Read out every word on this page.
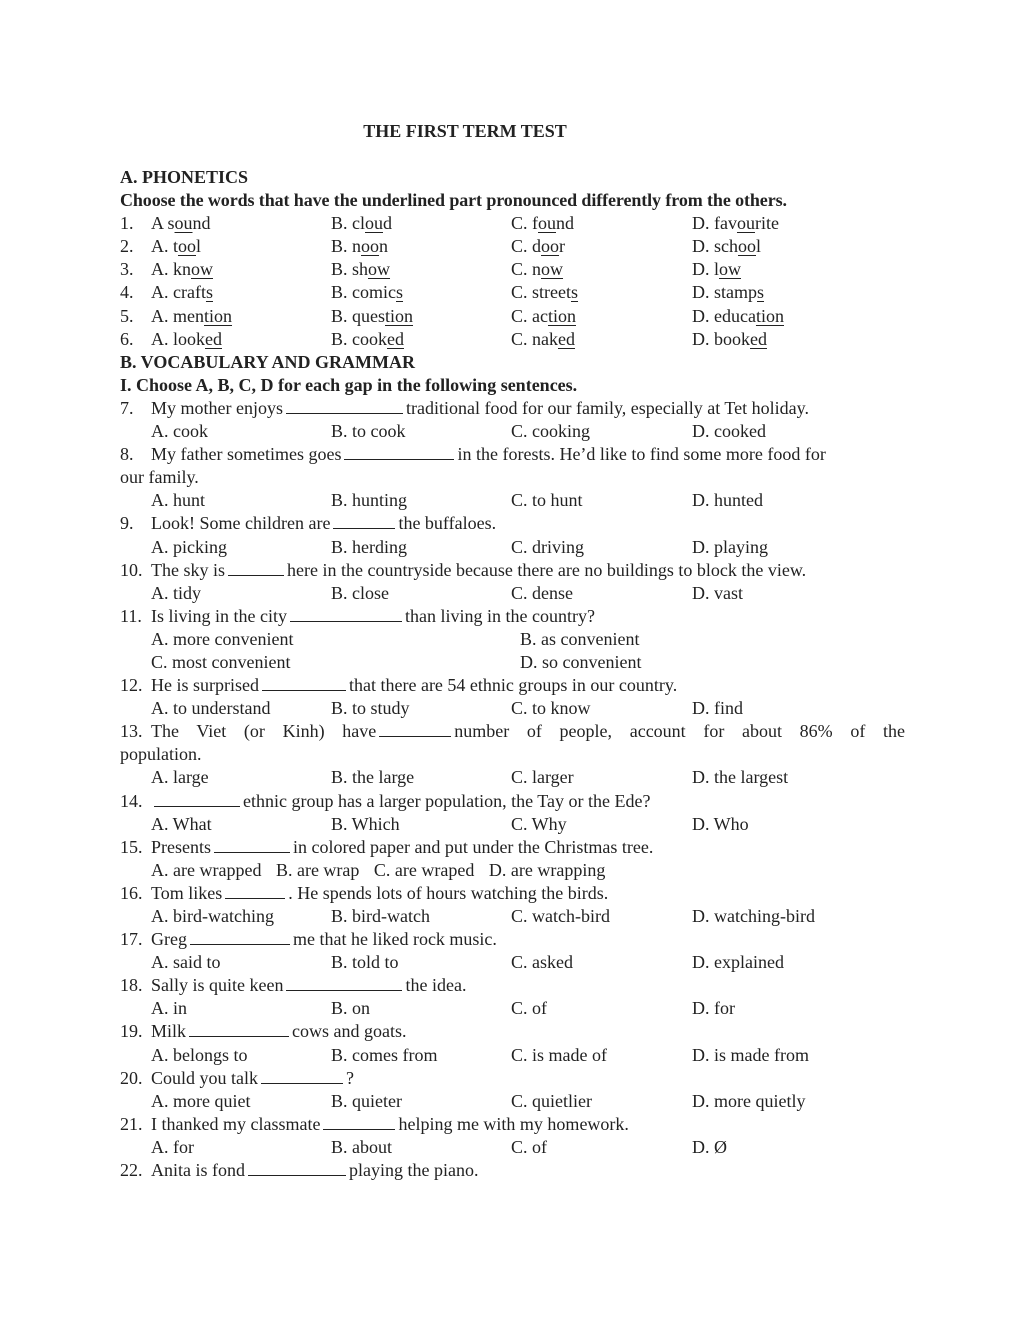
THE FIRST TERM TEST
A. PHONETICS
Choose the words that have the underlined part pronounced differently from the others.
1. A sound	B. cloud	C. found	D. favourite
2. A. tool	B. noon	C. door	D. school
3. A. know	B. show	C. now	D. low
4. A. crafts	B. comics	C. streets	D. stamps
5. A. mention	B. question	C. action	D. education
6. A. looked	B. cooked	C. naked	D. booked
B. VOCABULARY AND GRAMMAR
I. Choose A, B, C, D for each gap in the following sentences.
7. My mother enjoys	traditional food for our family, especially at Tet holiday.
A. cook	B. to cook	C. cooking	D. cooked
8. My father sometimes goes	in the forests. He’d like to find some more food for
our family.
A. hunt	B. hunting	C. to hunt	D. hunted
9. Look! Some children are	the buffaloes.
A. picking	B. herding	C. driving	D. playing
10. The sky is	here in the countryside because there are no buildings to block the view.
A. tidy	B. close	C. dense	D. vast
11. Is living in the city	than living in the country?
A. more convenient	B. as convenient
C. most convenient	D. so convenient
12. He is surprised	that there are 54 ethnic groups in our country.
A. to understand	B. to study	C. to know	D. find
13. The Viet (or Kinh) have	number of people, account for about 86% of the
population.
A. large	B. the large	C. larger	D. the largest
14.	ethnic group has a larger population, the Tay or the Ede?
A. What	B. Which	C. Why	D. Who
15. Presents	in colored paper and put under the Christmas tree.
A. are wrapped B. are wrap C. are wraped D. are wrapping
16. Tom likes	. He spends lots of hours watching the birds.
A. bird-watching	B. bird-watch	C. watch-bird	D. watching-bird
17. Greg	me that he liked rock music.
A. said to	B. told to	C. asked	D. explained
18. Sally is quite keen	the idea.
A. in	B. on	C. of	D. for
19. Milk	cows and goats.
A. belongs to	B. comes from	C. is made of	D. is made from
20. Could you talk	?
A. more quiet	B. quieter	C. quietlier	D. more quietly
21. I thanked my classmate	helping me with my homework.
A. for	B. about	C. of	D. Ø
22. Anita is fond	playing the piano.
